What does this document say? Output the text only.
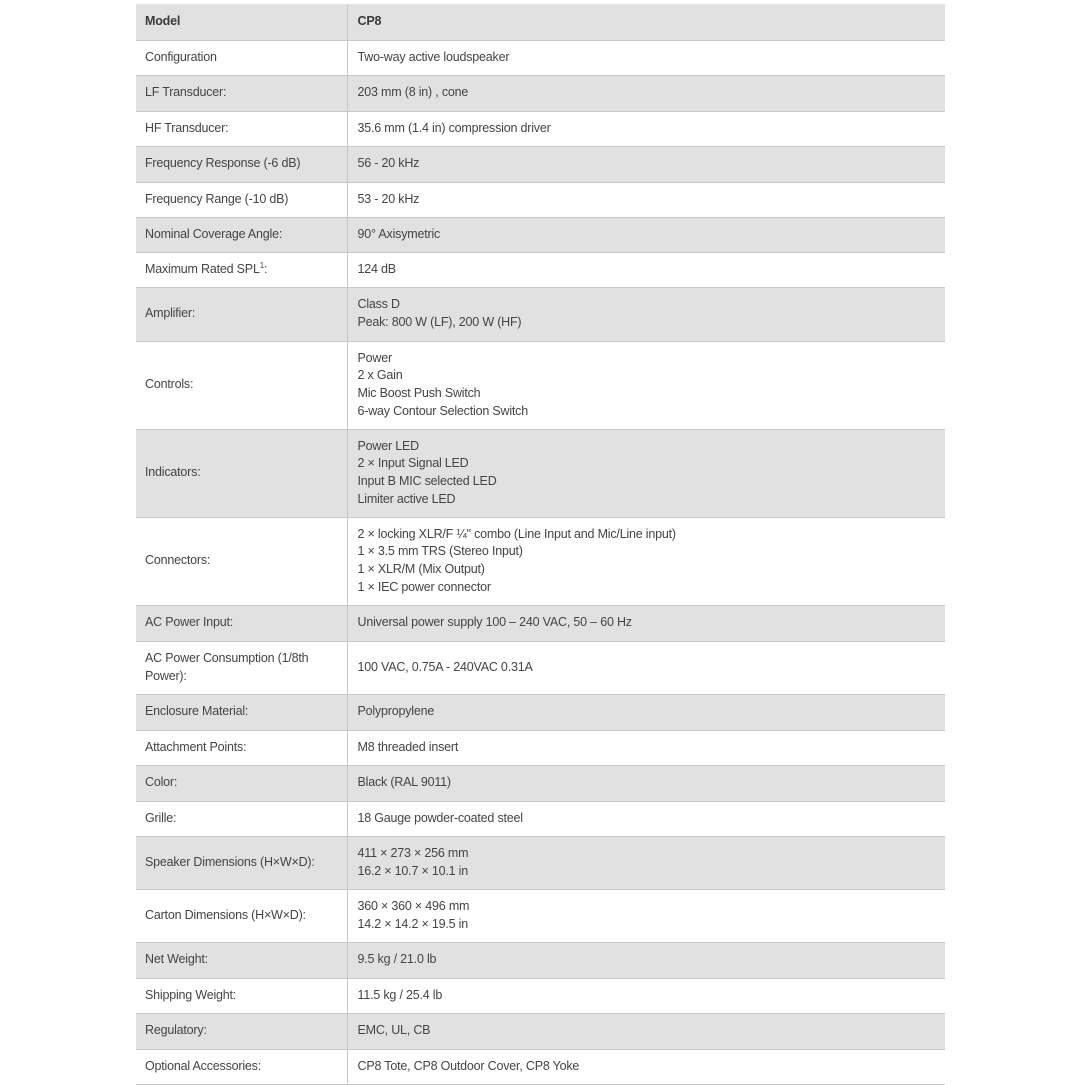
Model	CP8
Configuration	Two-way active loudspeaker

LF Transducer:	203 mm (8 in) , cone

HF Transducer:	35.6 mm (1.4 in) compression driver

Frequency Response (-6 dB)	56 - 20 kHz

Frequency Range (-10 dB)	53 - 20 kHz

Nominal Coverage Angle:	90° Axisymetric

Maximum Rated SPL$^1$:	124 dB

Amplifier:	Class D
Peak: 800 W (LF), 200 W (HF)

Controls:	Power
2 x Gain
Mic Boost Push Switch
6-way Contour Selection Switch

Indicators:	Power LED
2 × Input Signal LED
Input B MIC selected LED
Limiter active LED

Connectors:	2 × locking XLR/F ¼" combo (Line Input and Mic/Line input)
1 × 3.5 mm TRS (Stereo Input)
1 × XLR/M (Mix Output)
1 × IEC power connector

AC Power Input:	Universal power supply 100 – 240 VAC, 50 – 60 Hz

AC Power Consumption (1/8th Power):	100 VAC, 0.75A - 240VAC 0.31A

Enclosure Material:	Polypropylene

Attachment Points:	M8 threaded insert

Color:	Black (RAL 9011)

Grille:	18 Gauge powder-coated steel

Speaker Dimensions (H×W×D):	411 × 273 × 256 mm
16.2 × 10.7 × 10.1 in

Carton Dimensions (H×W×D):	360 × 360 × 496 mm
14.2 × 14.2 × 19.5 in

Net Weight:	9.5 kg / 21.0 lb

Shipping Weight:	11.5 kg / 25.4 lb

Regulatory:	EMC, UL, CB

Optional Accessories:	CP8 Tote, CP8 Outdoor Cover, CP8 Yoke
